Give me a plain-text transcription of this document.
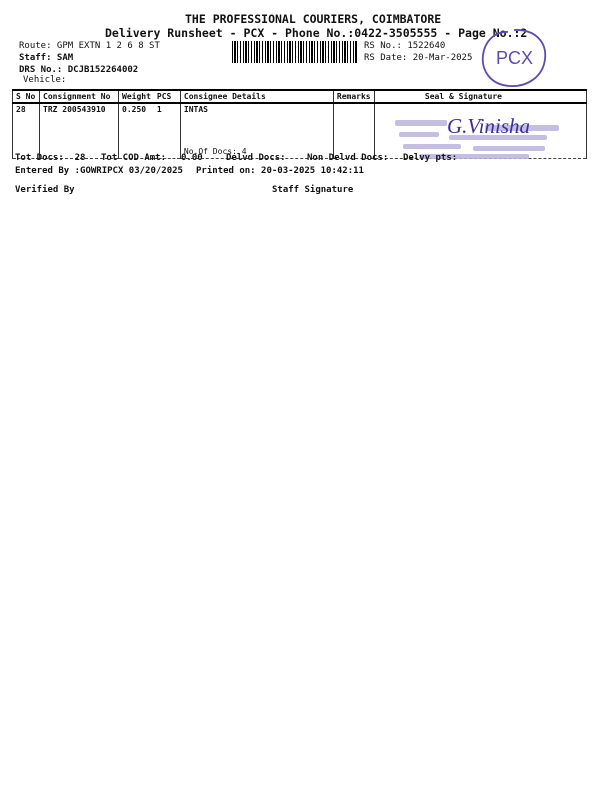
THE PROFESSIONAL COURIERS, COIMBATORE
Delivery Runsheet - PCX - Phone No.:0422-3505555 - Page No.:2
Route: GPM EXTN 1 2 6 8 ST
Staff: SAM
DRS No.: DCJB152264002
Vehicle:
RS No.: 1522640
RS Date: 20-Mar-2025 PCX
S No	Consignment No	Weight	PCS	Consignee Details	Remarks	Seal & Signature
28	TRZ 200543910	0.250	1	INTAS
No.Of Docs: 4		

G.Vinisha
Tot Docs:  28 Tot COD Amt: 0.00	Delvd Docs: Non Delvd Docs: Delvy pts:
Entered By :GOWRIPCX 03/20/2025 Printed on: 20-03-2025 10:42:11
Verified By	Staff Signature
